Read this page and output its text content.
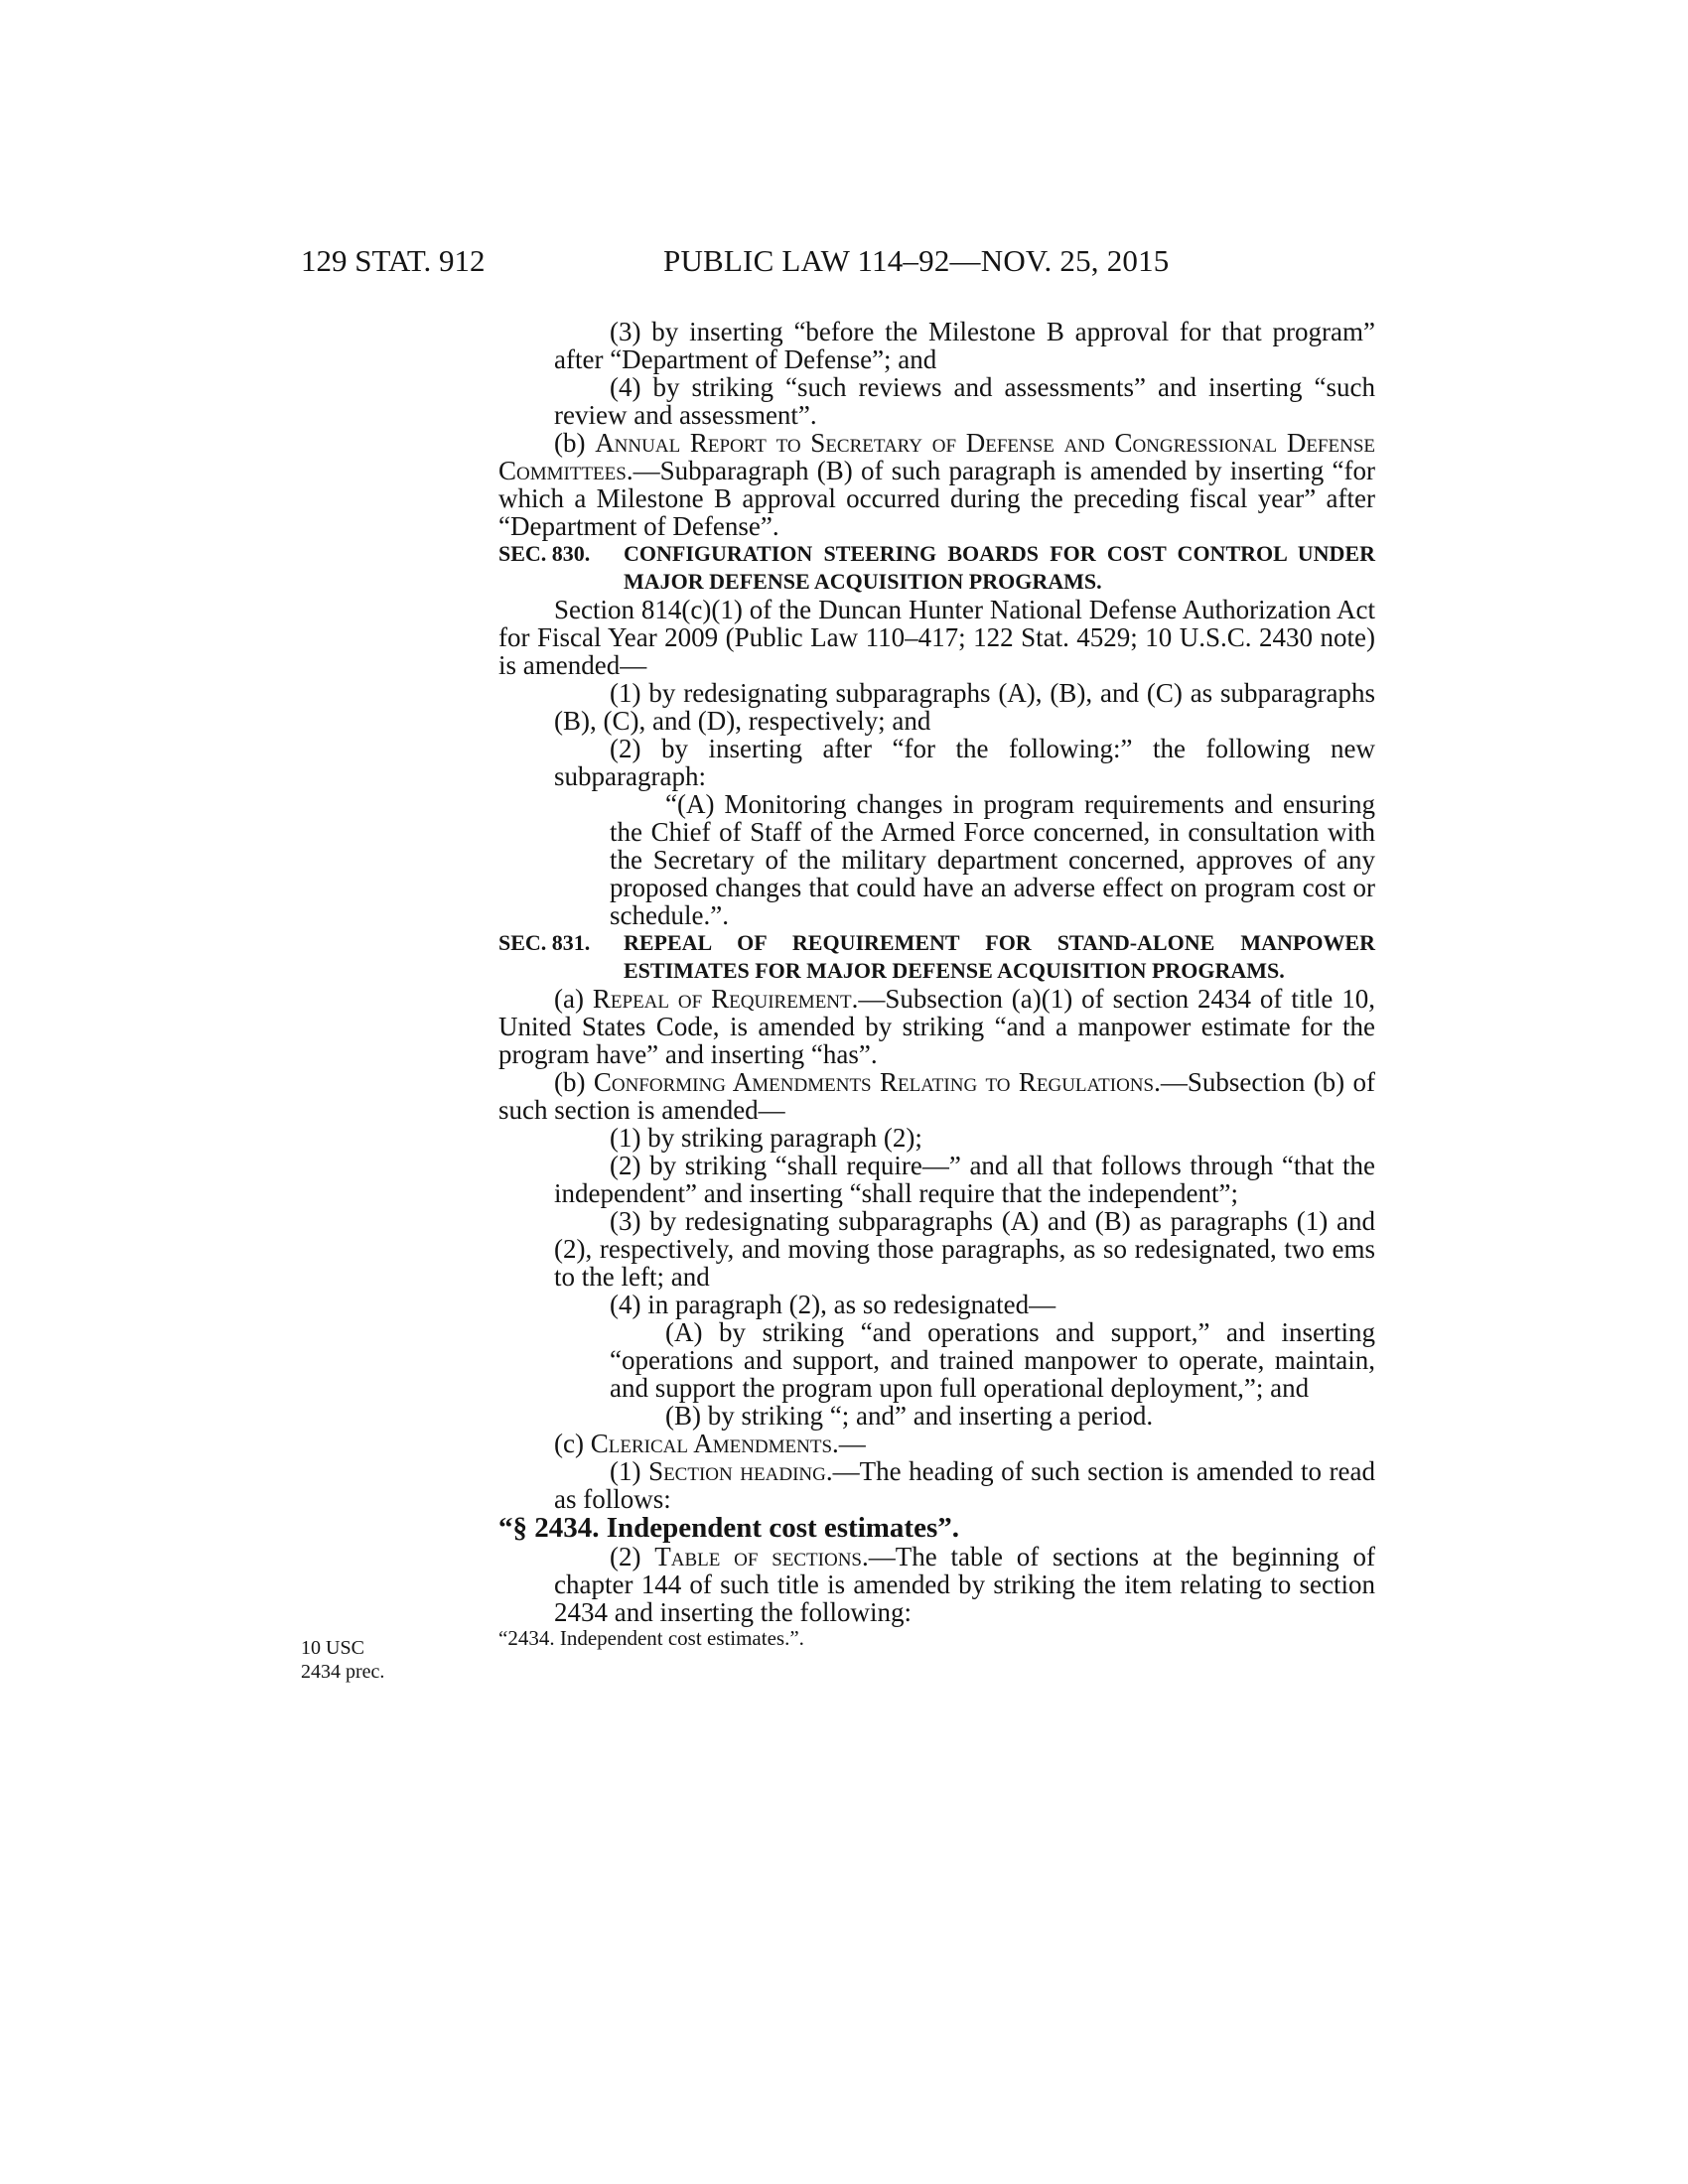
129 STAT. 912	PUBLIC LAW 114–92—NOV. 25, 2015
10 USC
2434 prec.

(3) by inserting “before the Milestone B approval for that program” after “Department of Defense”; and

(4) by striking “such reviews and assessments” and inserting “such review and assessment”.

(b) Annual Report to Secretary of Defense and Congressional Defense Committees.—Subparagraph (B) of such paragraph is amended by inserting “for which a Milestone B approval occurred during the preceding fiscal year” after “Department of Defense”.

SEC. 830. CONFIGURATION STEERING BOARDS FOR COST CONTROL UNDER MAJOR DEFENSE ACQUISITION PROGRAMS.

Section 814(c)(1) of the Duncan Hunter National Defense Authorization Act for Fiscal Year 2009 (Public Law 110–417; 122 Stat. 4529; 10 U.S.C. 2430 note) is amended—

(1) by redesignating subparagraphs (A), (B), and (C) as subparagraphs (B), (C), and (D), respectively; and

(2) by inserting after “for the following:” the following new subparagraph:

“(A) Monitoring changes in program requirements and ensuring the Chief of Staff of the Armed Force concerned, in consultation with the Secretary of the military department concerned, approves of any proposed changes that could have an adverse effect on program cost or schedule.”.

SEC. 831. REPEAL OF REQUIREMENT FOR STAND-ALONE MANPOWER ESTIMATES FOR MAJOR DEFENSE ACQUISITION PROGRAMS.

(a) Repeal of Requirement.—Subsection (a)(1) of section 2434 of title 10, United States Code, is amended by striking “and a manpower estimate for the program have” and inserting “has”.

(b) Conforming Amendments Relating to Regulations.—Subsection (b) of such section is amended—

(1) by striking paragraph (2);

(2) by striking “shall require—” and all that follows through “that the independent” and inserting “shall require that the independent”;

(3) by redesignating subparagraphs (A) and (B) as paragraphs (1) and (2), respectively, and moving those paragraphs, as so redesignated, two ems to the left; and

(4) in paragraph (2), as so redesignated—

(A) by striking “and operations and support,” and inserting “operations and support, and trained manpower to operate, maintain, and support the program upon full operational deployment,”; and

(B) by striking “; and” and inserting a period.

(c) Clerical Amendments.—

(1) Section heading.—The heading of such section is amended to read as follows:

“§ 2434. Independent cost estimates”.

(2) Table of sections.—The table of sections at the beginning of chapter 144 of such title is amended by striking the item relating to section 2434 and inserting the following:

“2434. Independent cost estimates.”.
